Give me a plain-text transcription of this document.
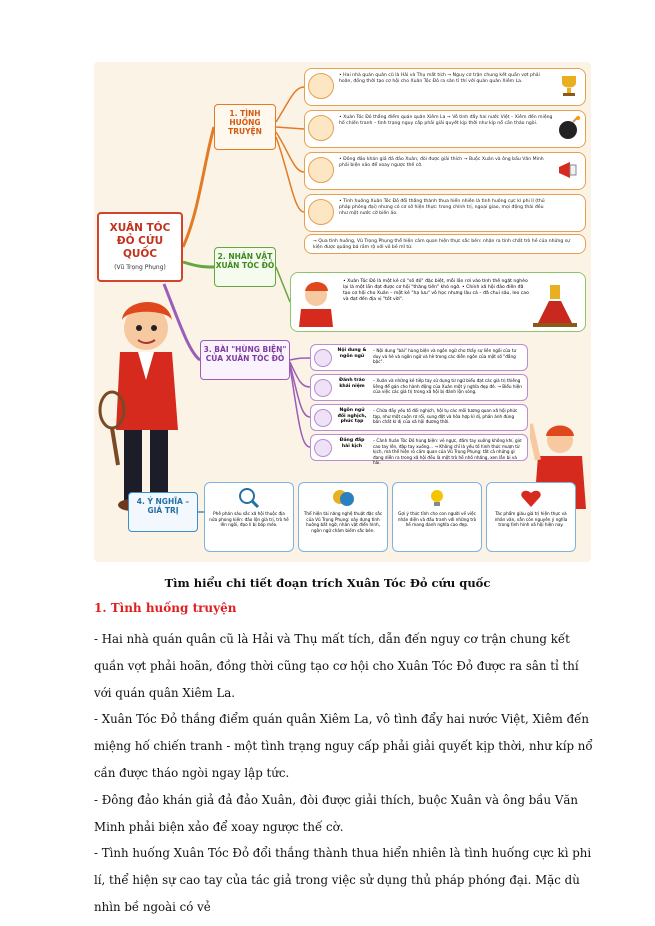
XUÂN TÓC ĐỎ CỨU QUỐC
(Vũ Trọng Phụng)
1. TÌNH HUỐNG TRUYỆN
2. NHÂN VẬT XUÂN TÓC ĐỎ
3. BÀI "HÙNG BIỆN" CỦA XUÂN TÓC ĐỎ
4. Ý NGHĨA – GIÁ TRỊ
• Hai nhà quán quân cũ là Hải và Thụ mất tích → Nguy cơ trận chung kết quần vợt phải hoãn, đồng thời tạo cơ hội cho Xuân Tóc Đỏ ra sân tỉ thí với quán quân Xiêm La.
• Xuân Tóc Đỏ thắng điểm quán quân Xiêm La → Vô tình đẩy hai nước Việt – Xiêm đến miệng hố chiến tranh – tình trạng nguy cấp phải giải quyết kịp thời như kíp nổ cần tháo ngòi.
• Đông đảo khán giả đả đảo Xuân, đòi được giải thích → Buộc Xuân và ông bầu Văn Minh phải biện xảo để xoay ngược thế cờ.
• Tình huống Xuân Tóc Đỏ đổi thắng thành thua hiển nhiên là tình huống cực kì phi lí (thủ pháp phóng đại) nhưng có cơ sở hiện thực: trong chính trị, ngoại giao, mọi động thái đều như một nước cờ biến ảo.
→ Qua tình huống, Vũ Trọng Phụng thể hiện cảm quan hiện thực sắc bén: nhận ra tính chất trò hề của những sự kiện được quảng bá rầm rộ với vỏ bề mĩ từ.
• Xuân Tóc Đỏ là một kẻ có "số đỏ" đặc biệt, mỗi lần rơi vào tình thế ngặt nghèo lại là một lần đạt được cơ hội "thăng tiến" khó ngờ. • Chính xã hội đảo điên đã tạo cơ hội cho Xuân – một kẻ "hạ lưu" vô học nhưng lâu cá – đã chui sâu, leo cao và đạt đến địa vị "tốt vời".
Nội dung & ngôn ngữ
– Nội dung "bài" hùng biện và ngôn ngữ cho thấy sự liên ngôi của tư duy và hè và ngôn ngữ và hè trong các diễn ngôn của một số "đẳng bậc".
Đánh tráo khái niệm
– Xuân và những kẻ tiếp tay sử dụng từ ngữ biểu đạt các giá trị thiêng liêng để gán cho hành động của Xuân một ý nghĩa đẹp đẽ. → Biểu hiện của việc các giá trị trong xã hội bị đánh lộn sòng.
Ngôn ngữ đối nghịch, phức tạp
– Chứa đầy yếu tố đối nghịch, hội tụ các mối tương quan xã hội phức tạp, như một cuộn rơ rối, sung đột và hòa hợp kì dị, phản ánh đúng bản chất kì dị của xã hội đương thời.
Đăng đấp hài kịch
– Cảnh Xuân Tóc Đỏ hùng biện: vẽ ngực, đấm tay xuống không khí, giơ cao tay lên, đập tay xuống... → Không chỉ là yếu tố hình thức mượn từ kịch, mà thể hiện rõ cảm quan của Vũ Trọng Phụng: tất cả những gì đang diễn ra trong xã hội đều là một trò hề nhố nhăng, xen lẫn bi và hài.
Phê phán sâu sắc xã hội thuộc địa nửa phong kiến: đảo lộn giá trị, trò hề lên ngôi, đạo lí bị bóp méo.
Thể hiện tài năng nghệ thuật đặc sắc của Vũ Trọng Phụng: xây dựng tình huống bất ngờ, nhân vật điển hình, ngôn ngữ châm biếm sắc bén.
Gợi ý thức tỉnh cho con người về việc nhận diện và đấu tranh với những trò hề mang danh nghĩa cao đẹp.
Tác phẩm giàu giá trị hiện thực và nhân văn, vẫn còn nguyên ý nghĩa trong tình hình xã hội hiện nay.
Tìm hiểu chi tiết đoạn trích Xuân Tóc Đỏ cứu quốc
1. Tình huống truyện

- Hai nhà quán quân cũ là Hải và Thụ mất tích, dẫn đến nguy cơ trận chung kết quần vợt phải hoãn, đồng thời cũng tạo cơ hội cho Xuân Tóc Đỏ được ra sân tỉ thí với quán quân Xiêm La.

- Xuân Tóc Đỏ thắng điểm quán quân Xiêm La, vô tình đẩy hai nước Việt, Xiêm đến miệng hố chiến tranh - một tình trạng nguy cấp phải giải quyết kịp thời, như kíp nổ cần được tháo ngòi ngay lập tức.

- Đông đảo khán giả đả đảo Xuân, đòi được giải thích, buộc Xuân và ông bầu Văn Minh phải biện xảo để xoay ngược thế cờ.

- Tình huống Xuân Tóc Đỏ đổi thắng thành thua hiển nhiên là tình huống cực kì phi lí, thể hiện sự cao tay của tác giả trong việc sử dụng thủ pháp phóng đại. Mặc dù nhìn bề ngoài có vẻ
